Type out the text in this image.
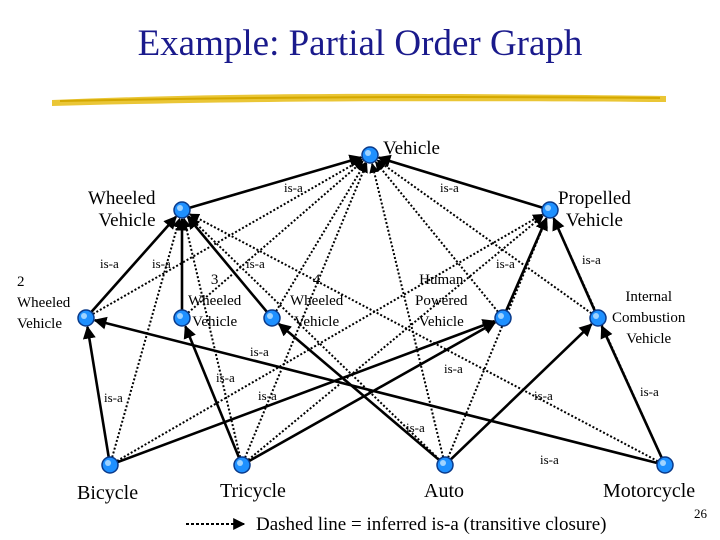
Example: Partial Order Graph
Vehicle
Wheeled
Vehicle
Propelled
Vehicle
2
Wheeled
Vehicle
3
Wheeled
Vehicle
4
Wheeled
Vehicle
Human
Powered
Vehicle
Internal
Combustion
Vehicle
Bicycle	Tricycle	Auto	Motorcycle
is-a	is-a
is-a	is-a	is-a	is-a	is-a
is-a
is-a
is-a
is-a	is-a	is-a	is-a
is-a
is-a
Dashed line = inferred is-a (transitive closure)
26
